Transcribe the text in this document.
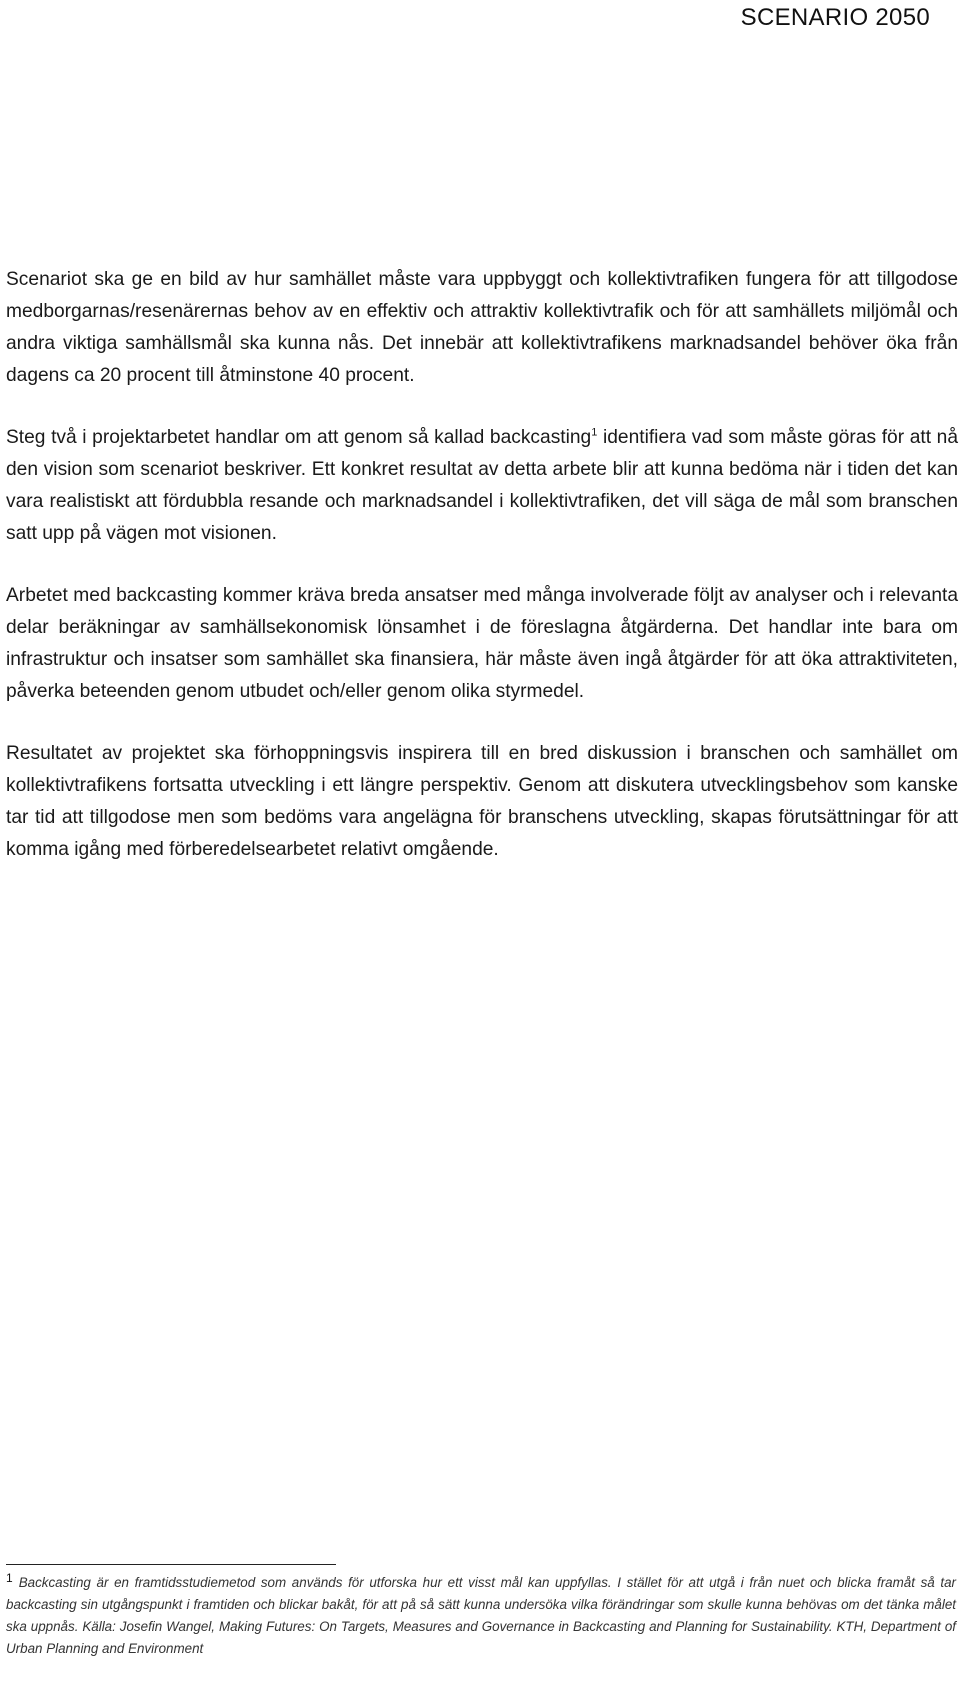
SCENARIO 2050

Scenariot ska ge en bild av hur samhället måste vara uppbyggt och kollektivtrafiken fungera för att tillgodose medborgarnas/resenärernas behov av en effektiv och attraktiv kollektivtrafik och för att samhällets miljömål och andra viktiga samhällsmål ska kunna nås. Det innebär att kollektivtrafikens marknadsandel behöver öka från dagens ca 20 procent till åtminstone 40 procent.

Steg två i projektarbetet handlar om att genom så kallad backcasting$^1$ identifiera vad som måste göras för att nå den vision som scenariot beskriver. Ett konkret resultat av detta arbete blir att kunna bedöma när i tiden det kan vara realistiskt att fördubbla resande och marknadsandel i kollektivtrafiken, det vill säga de mål som branschen satt upp på vägen mot visionen.

Arbetet med backcasting kommer kräva breda ansatser med många involverade följt av analyser och i relevanta delar beräkningar av samhällsekonomisk lönsamhet i de föreslagna åtgärderna. Det handlar inte bara om infrastruktur och insatser som samhället ska finansiera, här måste även ingå åtgärder för att öka attraktiviteten, påverka beteenden genom utbudet och/eller genom olika styrmedel.

Resultatet av projektet ska förhoppningsvis inspirera till en bred diskussion i branschen och samhället om kollektivtrafikens fortsatta utveckling i ett längre perspektiv. Genom att diskutera utvecklingsbehov som kanske tar tid att tillgodose men som bedöms vara angelägna för branschens utveckling, skapas förutsättningar för att komma igång med förberedelsearbetet relativt omgående.

1 Backcasting är en framtidsstudiemetod som används för utforska hur ett visst mål kan uppfyllas. I stället för att utgå i från nuet och blicka framåt så tar backcasting sin utgångspunkt i framtiden och blickar bakåt, för att på så sätt kunna undersöka vilka förändringar som skulle kunna behövas om det tänka målet ska uppnås. Källa: Josefin Wangel, Making Futures: On Targets, Measures and Governance in Backcasting and Planning for Sustainability. KTH, Department of Urban Planning and Environment
